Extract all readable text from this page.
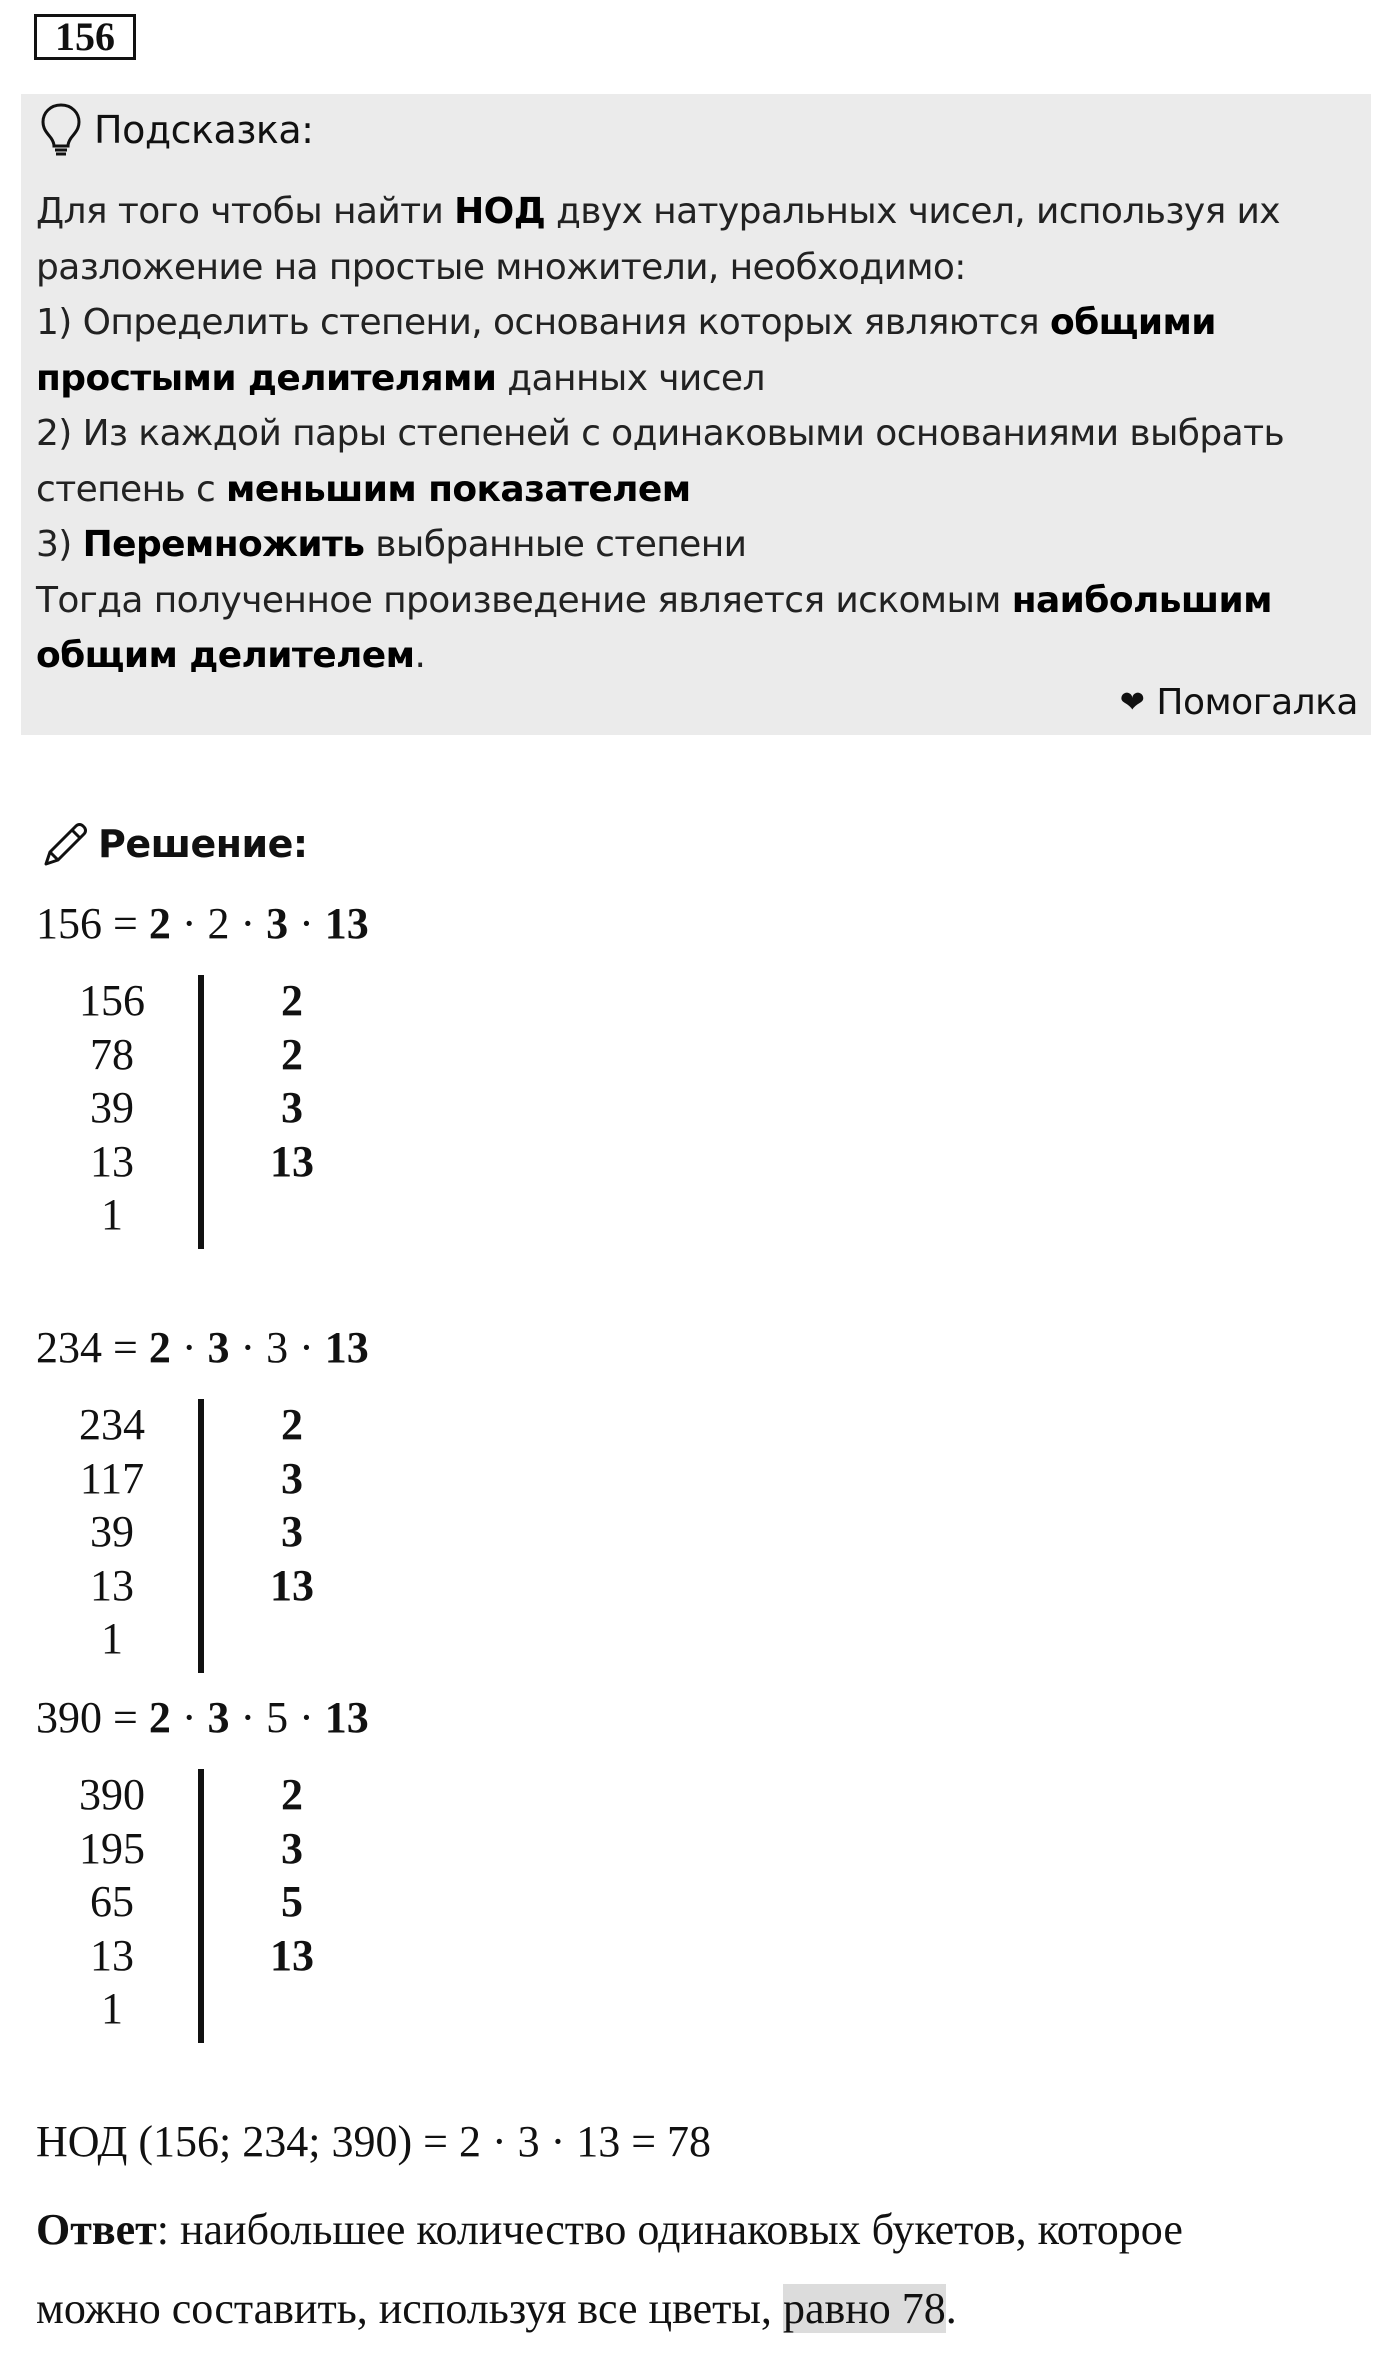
156
Подсказка:
Для того чтобы найти НОД двух натуральных чисел, используя их
разложение на простые множители, необходимо:
1) Определить степени, основания которых являются общими
простыми делителями данных чисел
2) Из каждой пары степеней с одинаковыми основаниями выбрать
степень с меньшим показателем
3) Перемножить выбранные степени
Тогда полученное произведение является искомым наибольшим
общим делителем.
❤ Помогалка
Решение:
156 = 2 · 2 · 3 · 13
156
78
39
13
1
2
2
3
13
234 = 2 · 3 · 3 · 13
234
117
39
13
1
2
3
3
13
390 = 2 · 3 · 5 · 13
390
195
65
13
1
2
3
5
13
НОД (156; 234; 390) = 2 · 3 · 13 = 78
Ответ: наибольшее количество одинаковых букетов, которое
можно составить, используя все цветы, равно 78.
